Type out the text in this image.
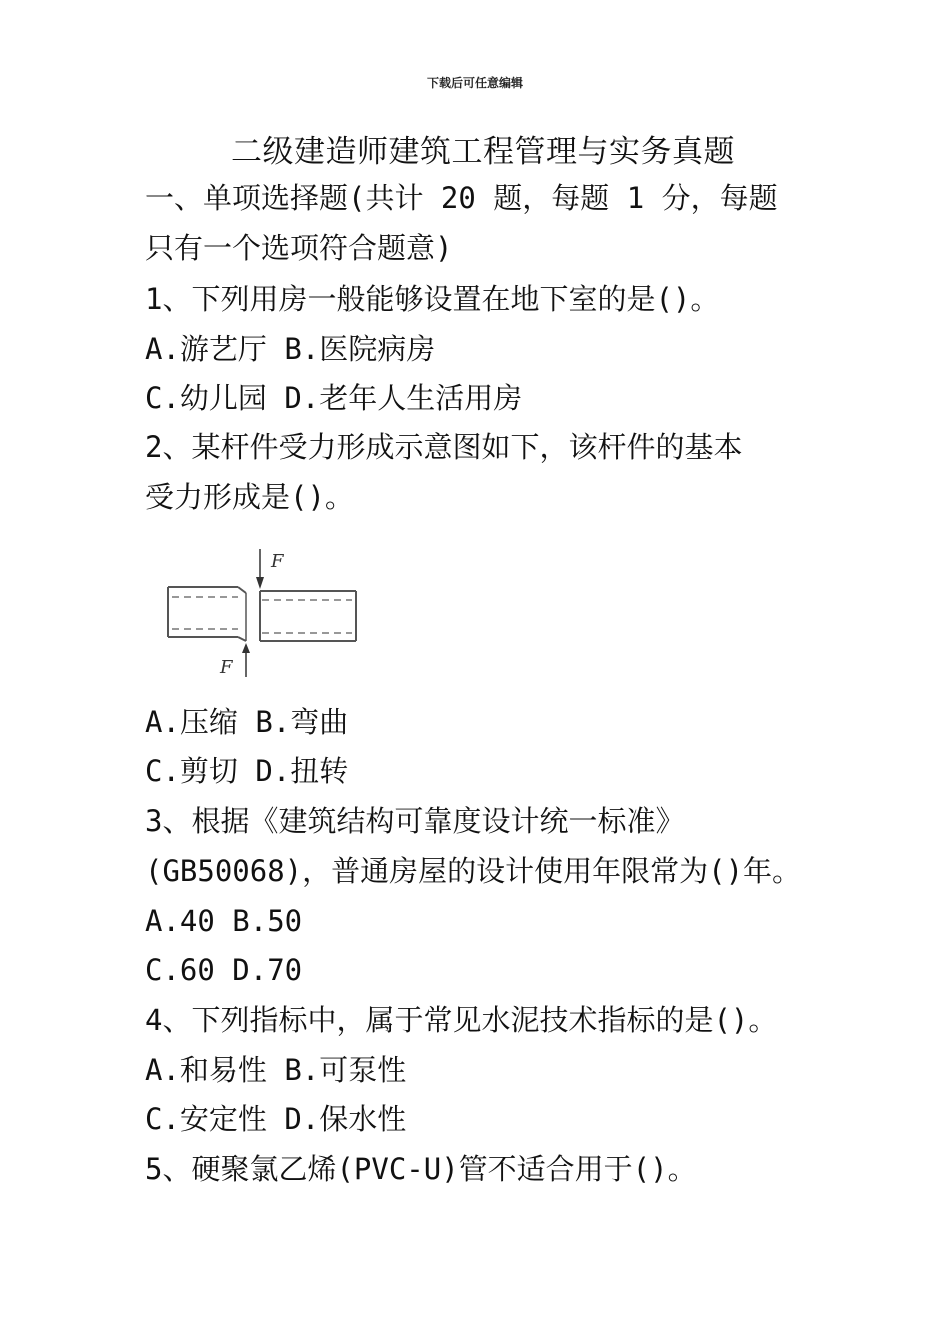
下载后可任意编辑
二级建造师建筑工程管理与实务真题
一、单项选择题(共计 20 题，每题 1 分，每题
只有一个选项符合题意)
1、下列用房一般能够设置在地下室的是()。
A.游艺厅 B.医院病房
C.幼儿园 D.老年人生活用房
2、某杆件受力形成示意图如下，该杆件的基本
受力形成是()。
F
F
A.压缩 B.弯曲
C.剪切 D.扭转
3、根据《建筑结构可靠度设计统一标准》
(GB50068)，普通房屋的设计使用年限常为()年。
A.40 B.50
C.60 D.70
4、下列指标中，属于常见水泥技术指标的是()。
A.和易性 B.可泵性
C.安定性 D.保水性
5、硬聚氯乙烯(PVC-U)管不适合用于()。
